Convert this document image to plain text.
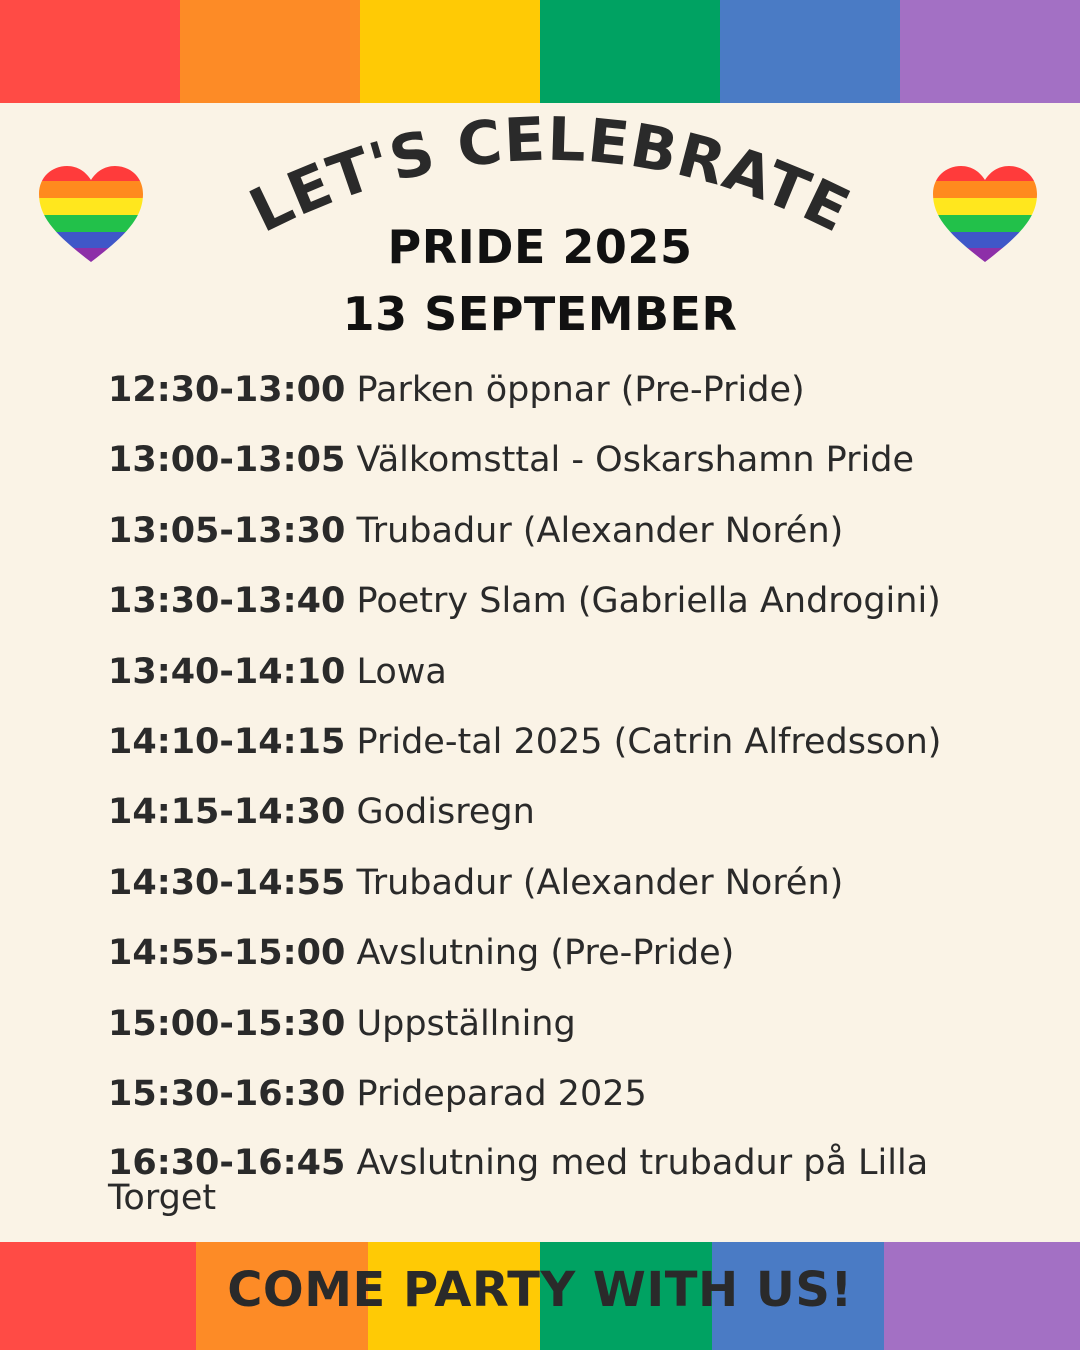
LET'S CELEBRATE
PRIDE 2025
13 SEPTEMBER
12:30-13:00 Parken öppnar (Pre-Pride)
13:00-13:05 Välkomsttal - Oskarshamn Pride
13:05-13:30 Trubadur (Alexander Norén)
13:30-13:40 Poetry Slam (Gabriella Androgini)
13:40-14:10 Lowa
14:10-14:15 Pride-tal 2025 (Catrin Alfredsson)
14:15-14:30 Godisregn
14:30-14:55 Trubadur (Alexander Norén)
14:55-15:00 Avslutning (Pre-Pride)
15:00-15:30 Uppställning
15:30-16:30 Prideparad 2025
16:30-16:45 Avslutning med trubadur på Lilla Torget
COME PARTY WITH US!
